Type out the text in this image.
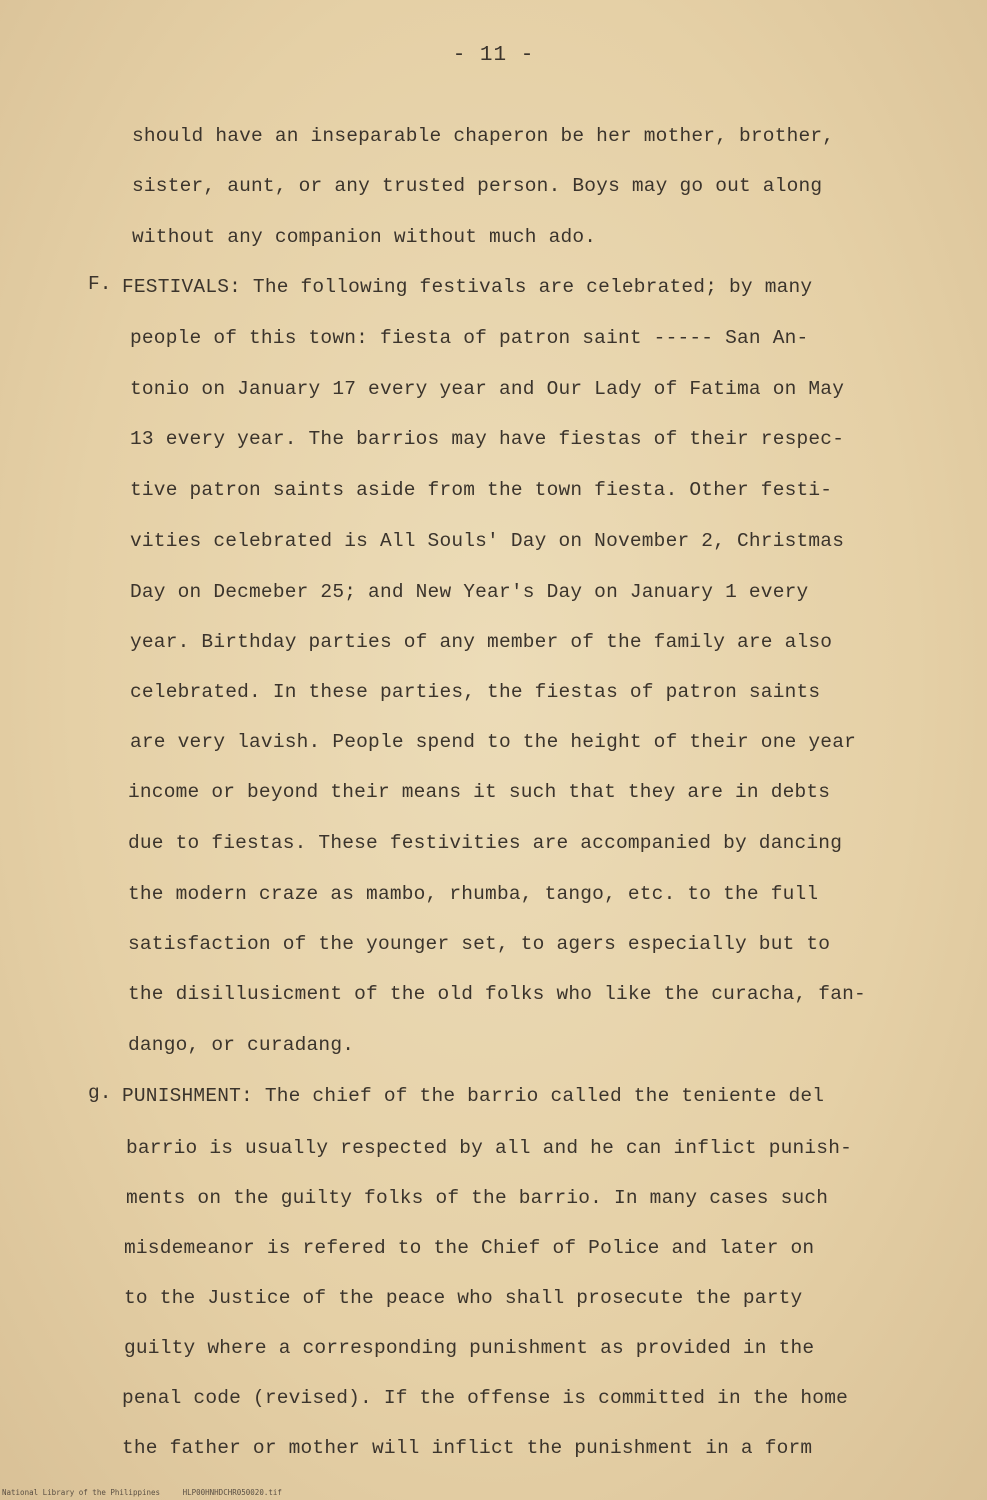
- 11 -
F.
g.
should have an inseparable chaperon be her mother, brother,
sister, aunt, or any trusted person. Boys may go out along
without any companion without much ado.
FESTIVALS: The following festivals are celebrated; by many
people of this town: fiesta of patron saint ----- San An-
tonio on January 17 every year and Our Lady of Fatima on May
13 every year. The barrios may have fiestas of their respec-
tive patron saints aside from the town fiesta. Other festi-
vities celebrated is All Souls' Day on November 2, Christmas
Day on Decmeber 25; and New Year's Day on January 1 every
year. Birthday parties of any member of the family are also
celebrated. In these parties, the fiestas of patron saints
are very lavish. People spend to the height of their one year
income or beyond their means it such that they are in debts
due to fiestas. These festivities are accompanied by dancing
the modern craze as mambo, rhumba, tango, etc. to the full
satisfaction of the younger set, to agers especially but to
the disillusicment of the old folks who like the curacha, fan-
dango, or curadang.
PUNISHMENT: The chief of the barrio called the teniente del
barrio is usually respected by all and he can inflict punish-
ments on the guilty folks of the barrio. In many cases such
misdemeanor is refered to the Chief of Police and later on
to the Justice of the peace who shall prosecute the party
guilty where a corresponding punishment as provided in the
penal code (revised). If the offense is committed in the home
the father or mother will inflict the punishment in a form
National Library of the Philippines	HLP00HNHDCHR050020.tif
